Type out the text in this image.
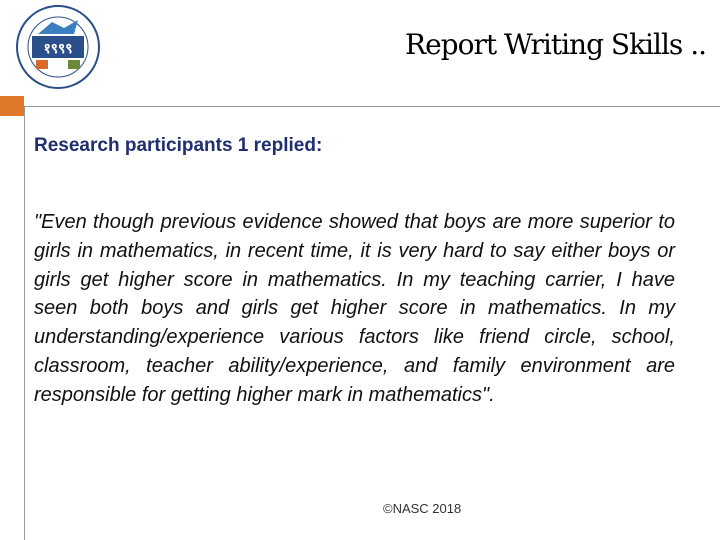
१९९९	Report Writing Skills ..
Research participants 1 replied:

"Even though previous evidence showed that boys are more superior to girls in mathematics, in recent time, it is very hard to say either boys or girls get higher score in mathematics. In my teaching carrier, I have seen both boys and girls get higher score in mathematics. In my understanding/experience various factors like friend circle, school, classroom, teacher ability/experience, and family environment are responsible for getting higher mark in mathematics".

©NASC 2018
